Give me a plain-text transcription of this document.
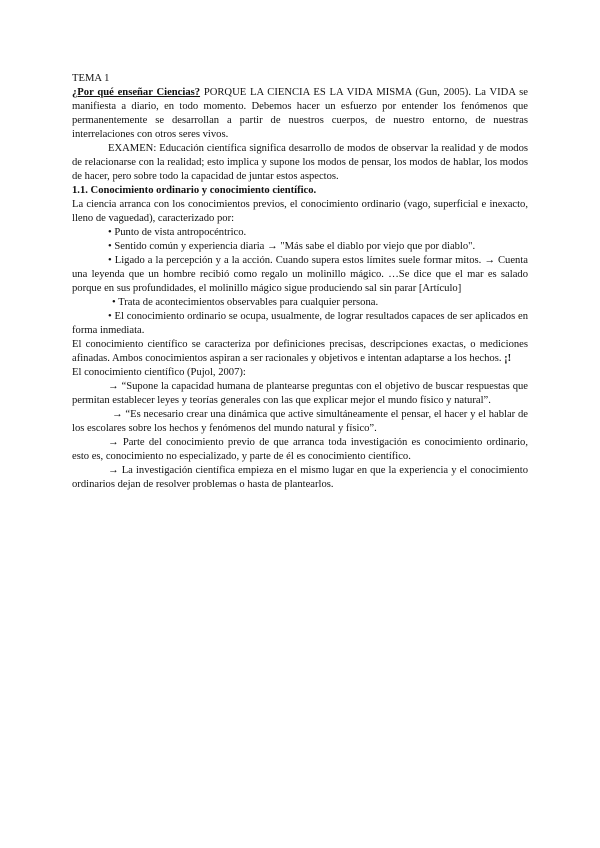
TEMA 1

¿Por qué enseñar Ciencias? PORQUE LA CIENCIA ES LA VIDA MISMA (Gun, 2005). La VIDA se manifiesta a diario, en todo momento. Debemos hacer un esfuerzo por entender los fenómenos que permanentemente se desarrollan a partir de nuestros cuerpos, de nuestro entorno, de nuestras interrelaciones con otros seres vivos.

EXAMEN: Educación científica significa desarrollo de modos de observar la realidad y de modos de relacionarse con la realidad; esto implica y supone los modos de pensar, los modos de hablar, los modos de hacer, pero sobre todo la capacidad de juntar estos aspectos.

1.1. Conocimiento ordinario y conocimiento científico.

La ciencia arranca con los conocimientos previos, el conocimiento ordinario (vago, superficial e inexacto, lleno de vaguedad), caracterizado por:

• Punto de vista antropocéntrico.

• Sentido común y experiencia diaria → "Más sabe el diablo por viejo que por diablo".

• Ligado a la percepción y a la acción. Cuando supera estos límites suele formar mitos. → Cuenta una leyenda que un hombre recibió como regalo un molinillo mágico. …Se dice que el mar es salado porque en sus profundidades, el molinillo mágico sigue produciendo sal sin parar [Artículo]

• Trata de acontecimientos observables para cualquier persona.

• El conocimiento ordinario se ocupa, usualmente, de lograr resultados capaces de ser aplicados en forma inmediata.

El conocimiento científico se caracteriza por definiciones precisas, descripciones exactas, o mediciones afinadas. Ambos conocimientos aspiran a ser racionales y objetivos e intentan adaptarse a los hechos. ¡!

El conocimiento científico (Pujol, 2007):

→ “Supone la capacidad humana de plantearse preguntas con el objetivo de buscar respuestas que permitan establecer leyes y teorías generales con las que explicar mejor el mundo físico y natural”.

→ “Es necesario crear una dinámica que active simultáneamente el pensar, el hacer y el hablar de los escolares sobre los hechos y fenómenos del mundo natural y físico”.

→ Parte del conocimiento previo de que arranca toda investigación es conocimiento ordinario, esto es, conocimiento no especializado, y parte de él es conocimiento científico.

→ La investigación científica empieza en el mismo lugar en que la experiencia y el conocimiento ordinarios dejan de resolver problemas o hasta de plantearlos.
